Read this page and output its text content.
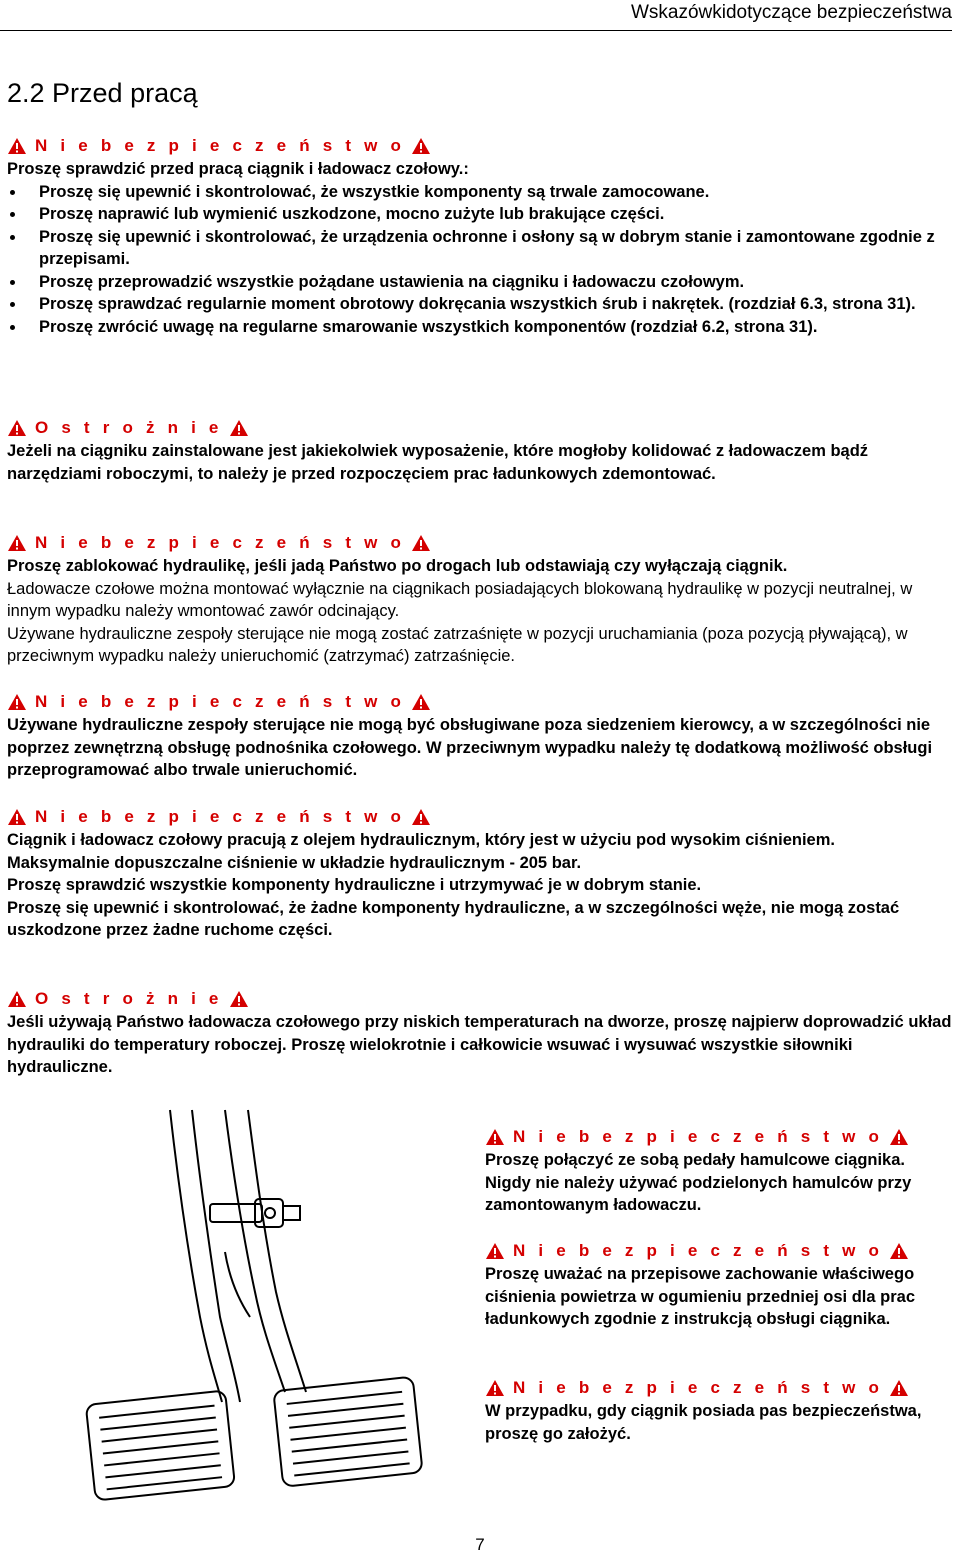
Wskazówkidotyczące bezpieczeństwa
2.2 Przed pracą
N i e b e z p i e c z e ń s t w o

Proszę sprawdzić przed pracą ciągnik i ładowacz czołowy.:

Proszę się upewnić i skontrolować, że wszystkie komponenty są trwale zamocowane.
Proszę naprawić lub wymienić uszkodzone, mocno zużyte lub brakujące części.
Proszę się upewnić i skontrolować, że urządzenia ochronne i osłony są w dobrym stanie i zamontowane zgodnie z przepisami.
Proszę przeprowadzić wszystkie pożądane ustawienia na ciągniku i ładowaczu czołowym.
Proszę sprawdzać regularnie moment obrotowy dokręcania wszystkich śrub i nakrętek. (rozdział 6.3, strona 31).
Proszę zwrócić uwagę na regularne smarowanie wszystkich komponentów (rozdział 6.2, strona 31).
O s t r o ż n i e

Jeżeli na ciągniku zainstalowane jest jakiekolwiek wyposażenie, które mogłoby kolidować z ładowaczem bądź narzędziami roboczymi, to należy je przed rozpoczęciem prac ładunkowych zdemontować.

N i e b e z p i e c z e ń s t w o

Proszę zablokować hydraulikę, jeśli jadą Państwo po drogach lub odstawiają czy wyłączają ciągnik.

Ładowacze czołowe można montować wyłącznie na ciągnikach posiadających blokowaną hydraulikę w pozycji neutralnej, w innym wypadku należy wmontować zawór odcinający.

Używane hydrauliczne zespoły sterujące nie mogą zostać zatrzaśnięte w pozycji uruchamiania (poza pozycją pływającą), w przeciwnym wypadku należy unieruchomić (zatrzymać) zatrzaśnięcie.

N i e b e z p i e c z e ń s t w o

Używane hydrauliczne zespoły sterujące nie mogą być obsługiwane poza siedzeniem kierowcy, a w szczególności nie poprzez zewnętrzną obsługę podnośnika czołowego. W przeciwnym wypadku należy tę dodatkową możliwość obsługi przeprogramować albo trwale unieruchomić.

N i e b e z p i e c z e ń s t w o

Ciągnik i ładowacz czołowy pracują z olejem hydraulicznym, który jest w użyciu pod wysokim ciśnieniem.

Maksymalnie dopuszczalne ciśnienie w układzie hydraulicznym - 205 bar.

Proszę sprawdzić wszystkie komponenty hydrauliczne i utrzymywać je w dobrym stanie.

Proszę się upewnić i skontrolować, że żadne komponenty hydrauliczne, a w szczególności węże, nie mogą zostać uszkodzone przez żadne ruchome części.

O s t r o ż n i e

Jeśli używają Państwo ładowacza czołowego przy niskich temperaturach na dworze, proszę najpierw doprowadzić układ hydrauliki do temperatury roboczej. Proszę wielokrotnie i całkowicie wsuwać i wysuwać wszystkie siłowniki hydrauliczne.

N i e b e z p i e c z e ń s t w o

Proszę połączyć ze sobą pedały hamulcowe ciągnika. Nigdy nie należy używać podzielonych hamulców przy zamontowanym ładowaczu.

N i e b e z p i e c z e ń s t w o

Proszę uważać na przepisowe zachowanie właściwego ciśnienia powietrza w ogumieniu przedniej osi dla prac ładunkowych zgodnie z instrukcją obsługi ciągnika.

N i e b e z p i e c z e ń s t w o

W przypadku, gdy ciągnik posiada pas bezpieczeństwa, proszę go założyć.

7
